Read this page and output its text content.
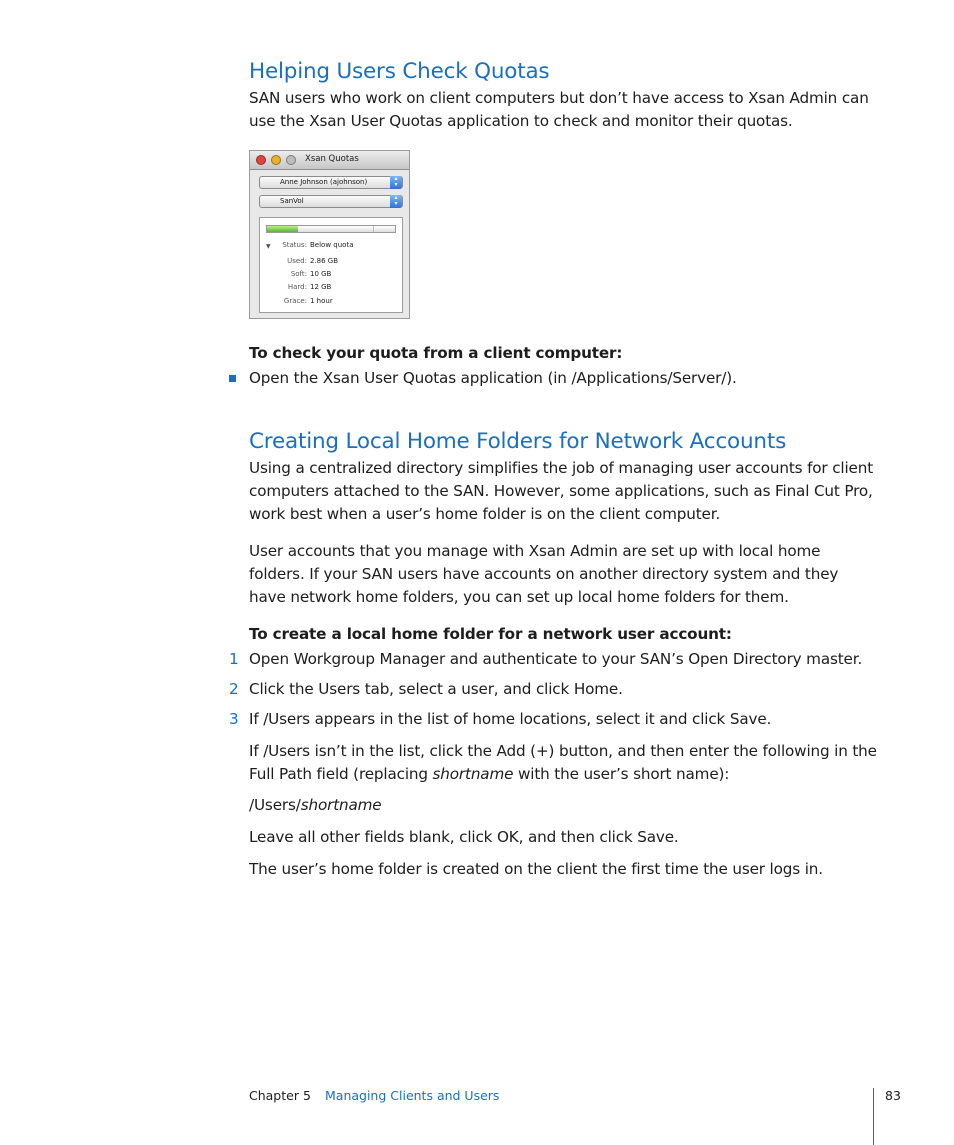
Helping Users Check Quotas

SAN users who work on client computers but don’t have access to Xsan Admin can use the Xsan User Quotas application to check and monitor their quotas.

Xsan Quotas
Anne Johnson (ajohnson)	▴
▾
SanVol	▴
▾
▼ Status: Below quota
Used: 2.86 GB
Soft: 10 GB
Hard: 12 GB
Grace: 1 hour

To check your quota from a client computer:

Open the Xsan User Quotas application (in /Applications/Server/).

Creating Local Home Folders for Network Accounts

Using a centralized directory simplifies the job of managing user accounts for client computers attached to the SAN. However, some applications, such as Final Cut Pro, work best when a user’s home folder is on the client computer.

User accounts that you manage with Xsan Admin are set up with local home folders. If your SAN users have accounts on another directory system and they have network home folders, you can set up local home folders for them.

To create a local home folder for a network user account:

1 Open Workgroup Manager and authenticate to your SAN’s Open Directory master.

2 Click the Users tab, select a user, and click Home.

3 If /Users appears in the list of home locations, select it and click Save.

If /Users isn’t in the list, click the Add (+) button, and then enter the following in the Full Path field (replacing shortname with the user’s short name):

/Users/shortname

Leave all other fields blank, click OK, and then click Save.

The user’s home folder is created on the client the first time the user logs in.

Chapter 5 Managing Clients and Users	83
